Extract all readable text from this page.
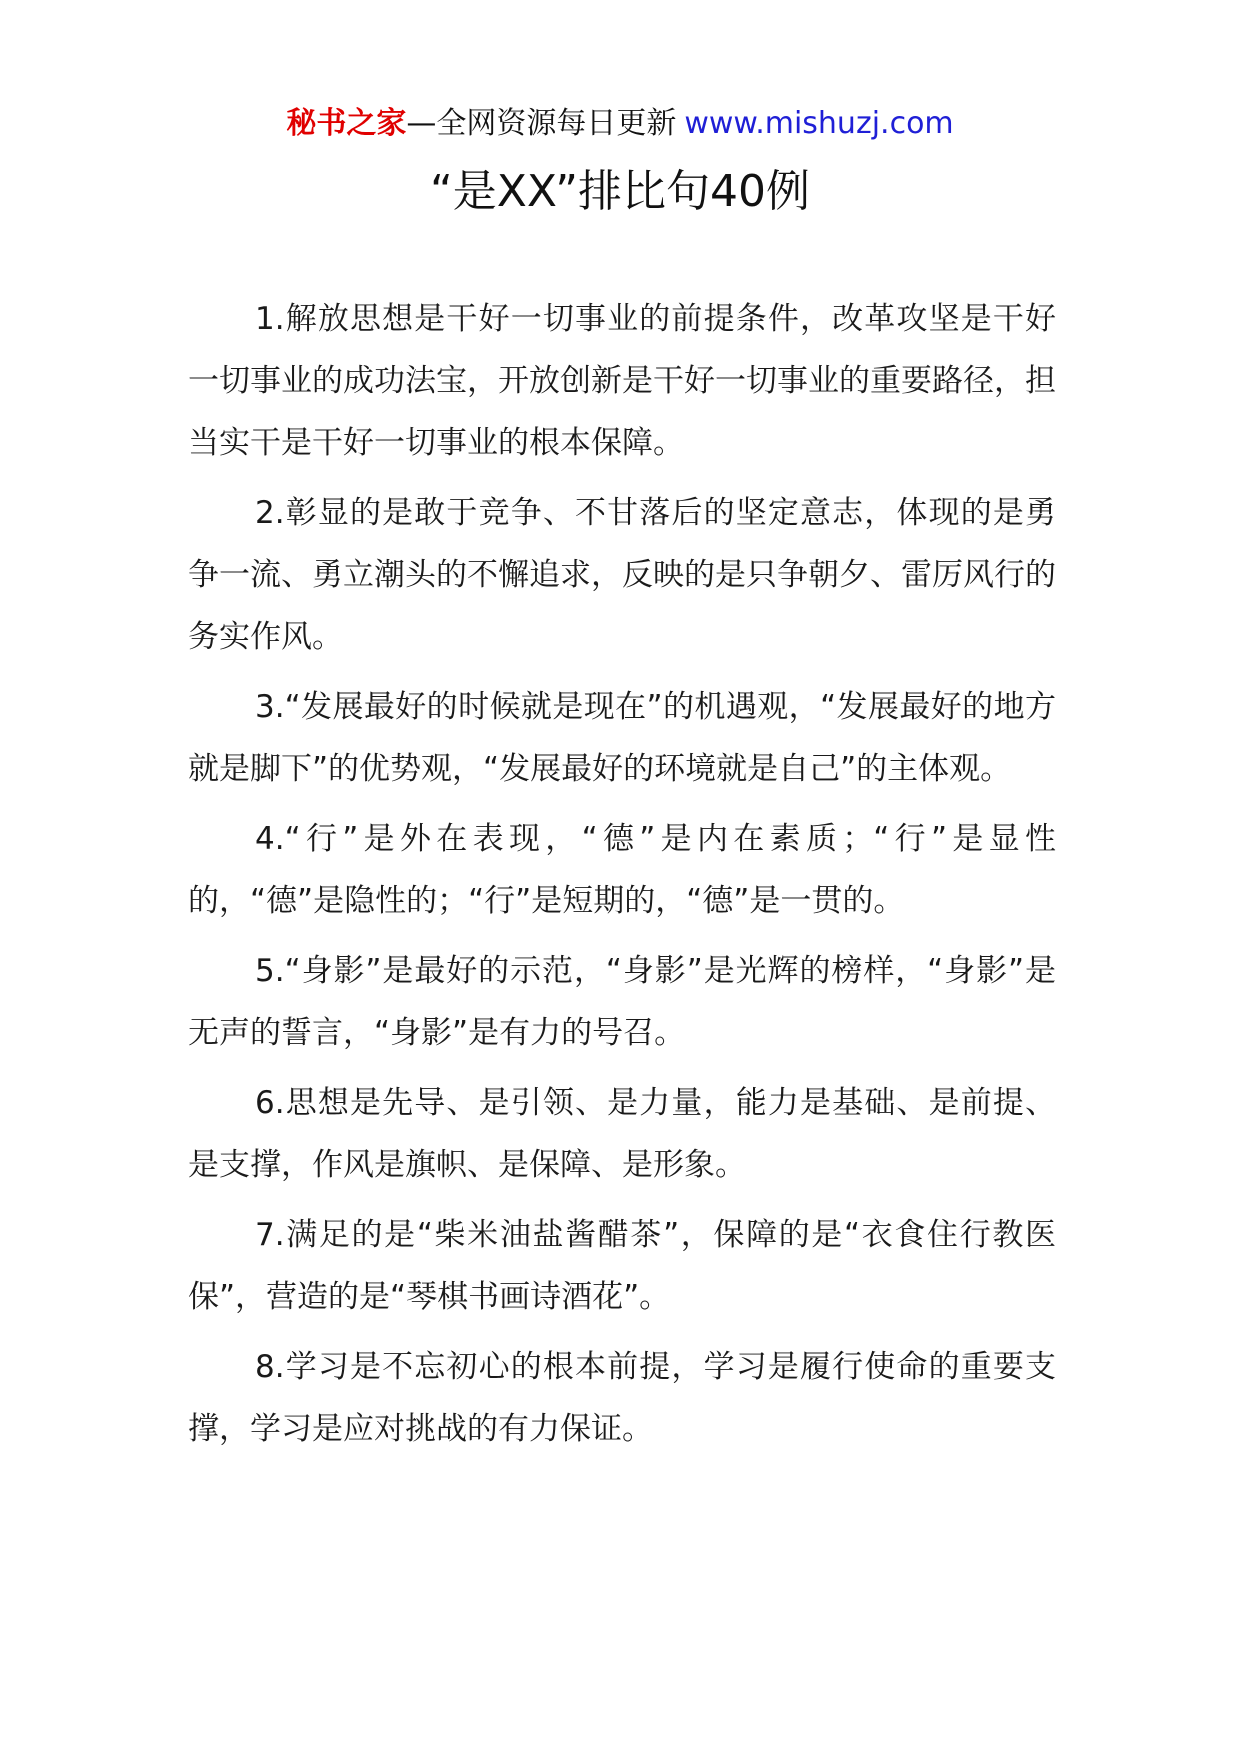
秘书之家—全网资源每日更新 www.mishuzj.com
“是XX”排比句40例

1.解放思想是干好一切事业的前提条件，改革攻坚是干好一切事业的成功法宝，开放创新是干好一切事业的重要路径，担当实干是干好一切事业的根本保障。

2.彰显的是敢于竞争、不甘落后的坚定意志，体现的是勇争一流、勇立潮头的不懈追求，反映的是只争朝夕、雷厉风行的务实作风。

3.“发展最好的时候就是现在”的机遇观，“发展最好的地方就是脚下”的优势观，“发展最好的环境就是自己”的主体观。

4.“行”是外在表现，“德”是内在素质；“行”是显性的，“德”是隐性的；“行”是短期的，“德”是一贯的。

5.“身影”是最好的示范，“身影”是光辉的榜样，“身影”是无声的誓言，“身影”是有力的号召。

6.思想是先导、是引领、是力量，能力是基础、是前提、是支撑，作风是旗帜、是保障、是形象。

7.满足的是“柴米油盐酱醋茶”，保障的是“衣食住行教医保”，营造的是“琴棋书画诗酒花”。

8.学习是不忘初心的根本前提，学习是履行使命的重要支撑，学习是应对挑战的有力保证。
